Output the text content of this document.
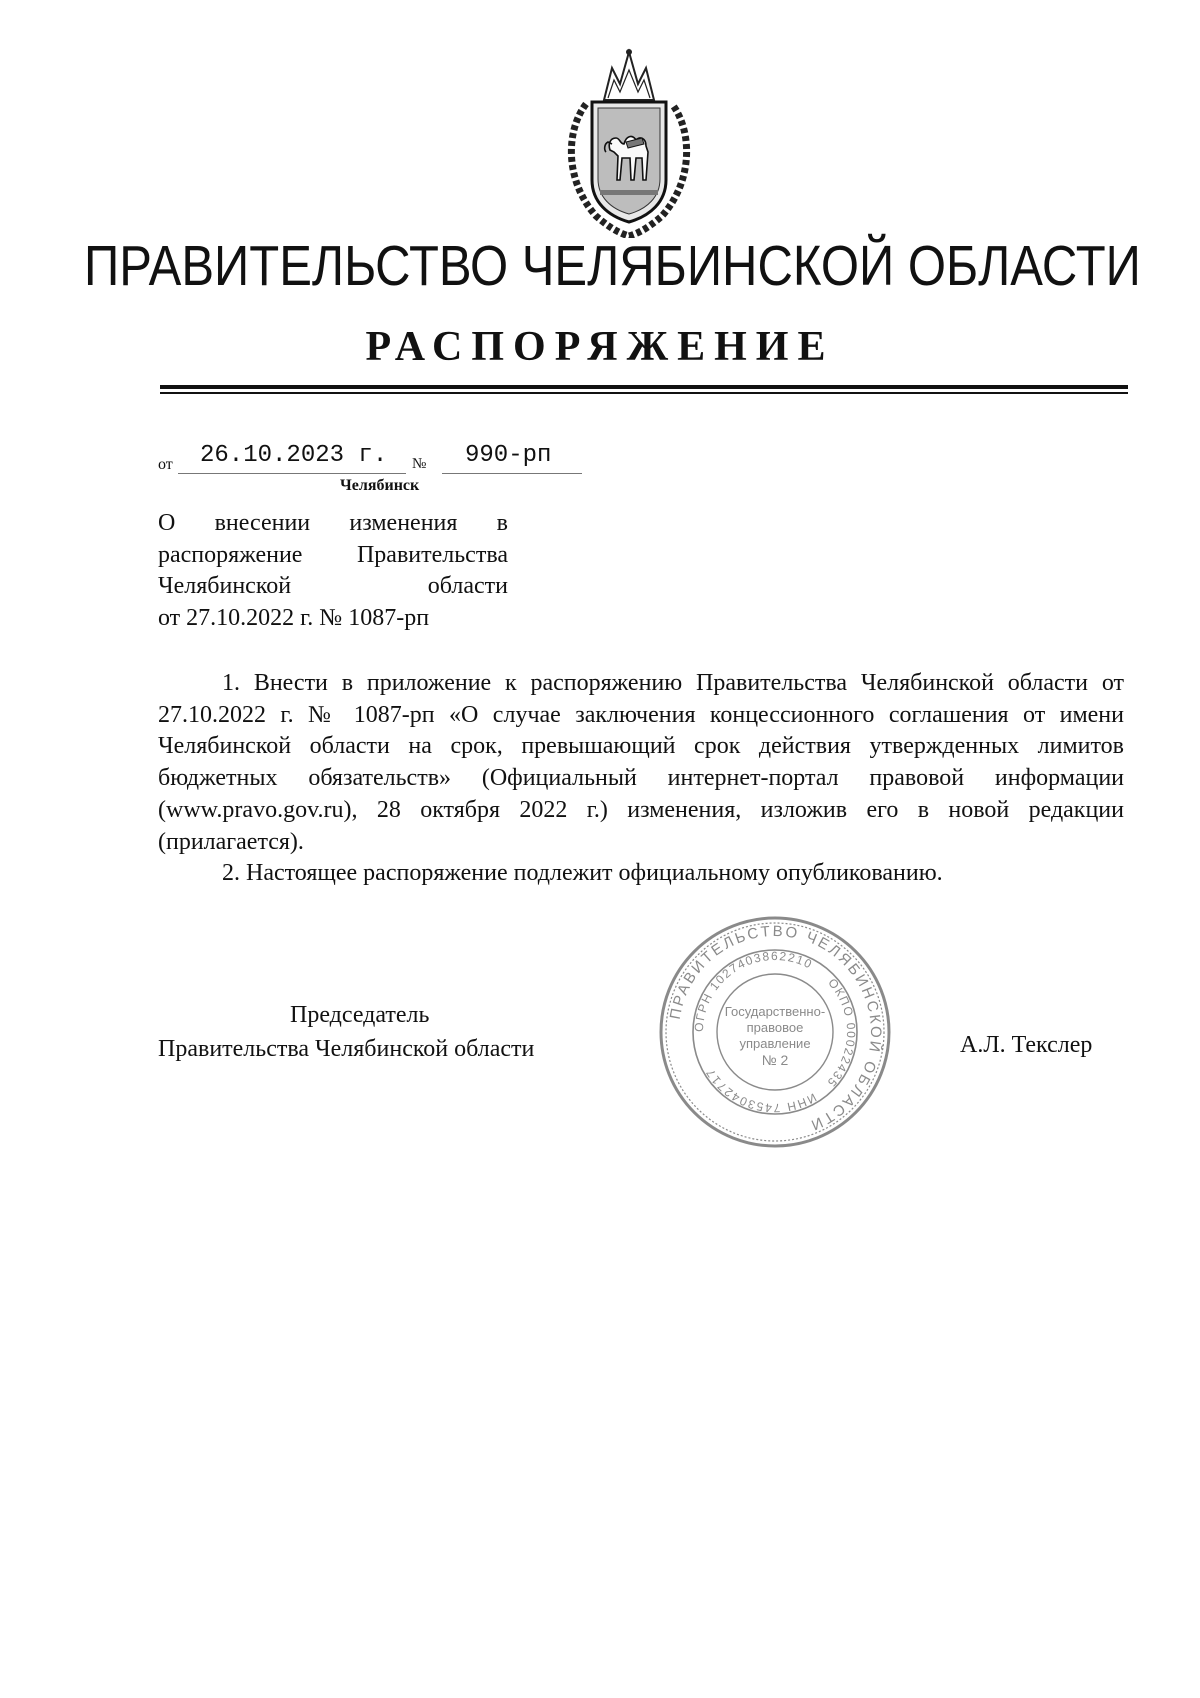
ПРАВИТЕЛЬСТВО ЧЕЛЯБИНСКОЙ ОБЛАСТИ
РАСПОРЯЖЕНИЕ
от 26.10.2023 г. № 990-рп
Челябинск
О внесении изменения в
распоряжение Правительства
Челябинской области
от 27.10.2022 г. № 1087-рп

1. Внести в приложение к распоряжению Правительства Челябинской области от 27.10.2022 г. № 1087-рп «О случае заключения концессионного соглашения от имени Челябинской области на срок, превышающий срок действия утвержденных лимитов бюджетных обязательств» (Официальный интернет-портал правовой информации (www.pravo.gov.ru), 28 октября 2022 г.) изменения, изложив его в новой редакции (прилагается).

2. Настоящее распоряжение подлежит официальному опубликованию.

Председатель
Правительства Челябинской области
ПРАВИТЕЛЬСТВО ЧЕЛЯБИНСКОЙ ОБЛАСТИ
ОГРН 1027403862210
ОКПО 00022435
ИНН 7453042717
Государственно-
правовое
управление
№ 2
А.Л. Текслер
